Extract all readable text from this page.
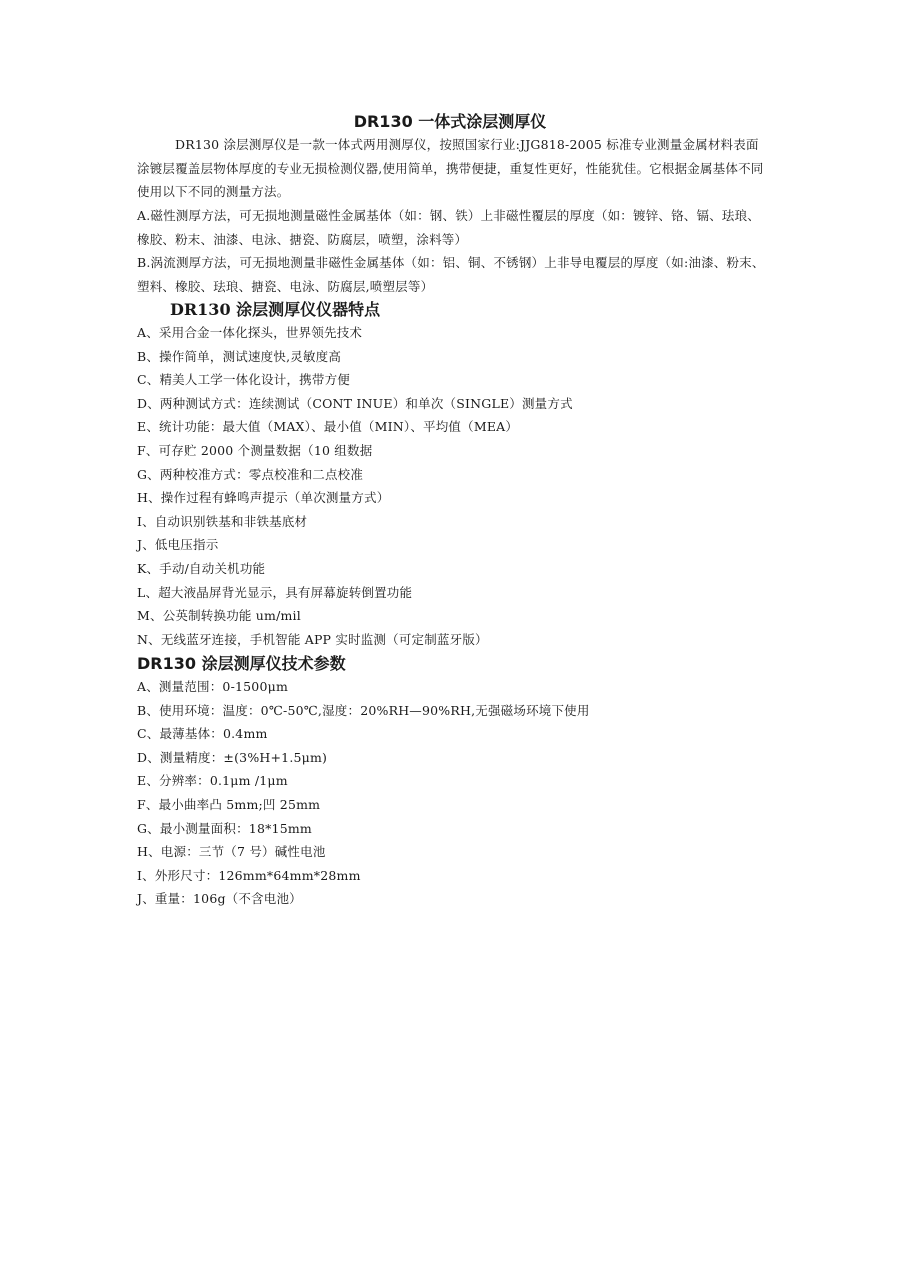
DR130 一体式涂层测厚仪

DR130 涂层测厚仪是一款一体式两用测厚仪，按照国家行业:JJG818-2005 标准专业测量金属材料表面涂镀层覆盖层物体厚度的专业无损检测仪器,使用简单，携带便捷，重复性更好，性能犹佳。它根据金属基体不同使用以下不同的测量方法。

A.磁性测厚方法，可无损地测量磁性金属基体（如：钢、铁）上非磁性覆层的厚度（如：镀锌、铬、镉、珐琅、橡胶、粉末、油漆、电泳、搪瓷、防腐层，喷塑，涂料等）

B.涡流测厚方法，可无损地测量非磁性金属基体（如：铝、铜、不锈钢）上非导电覆层的厚度（如:油漆、粉末、塑料、橡胶、珐琅、搪瓷、电泳、防腐层,喷塑层等）

DR130 涂层测厚仪仪器特点
A、采用合金一体化探头，世界领先技术
B、操作简单，测试速度快,灵敏度高
C、精美人工学一体化设计，携带方便
D、两种测试方式：连续测试（CONT INUE）和单次（SINGLE）测量方式
E、统计功能：最大值（MAX）、最小值（MIN）、平均值（MEA）
F、可存贮 2000 个测量数据（10 组数据
G、两种校准方式：零点校准和二点校准
H、操作过程有蜂鸣声提示（单次测量方式）
I、自动识别铁基和非铁基底材
J、低电压指示
K、手动/自动关机功能
L、超大液晶屏背光显示，具有屏幕旋转倒置功能
M、公英制转换功能 um/mil
N、无线蓝牙连接，手机智能 APP 实时监测（可定制蓝牙版）
DR130 涂层测厚仪技术参数
A、测量范围：0-1500μm
B、使用环境：温度：0℃-50℃,湿度：20%RH—90%RH,无强磁场环境下使用
C、最薄基体：0.4mm
D、测量精度：±(3%H+1.5μm)
E、分辨率：0.1μm /1μm
F、最小曲率凸 5mm;凹 25mm
G、最小测量面积：18*15mm
H、电源：三节（7 号）碱性电池
I、外形尺寸：126mm*64mm*28mm
J、重量：106g（不含电池）
